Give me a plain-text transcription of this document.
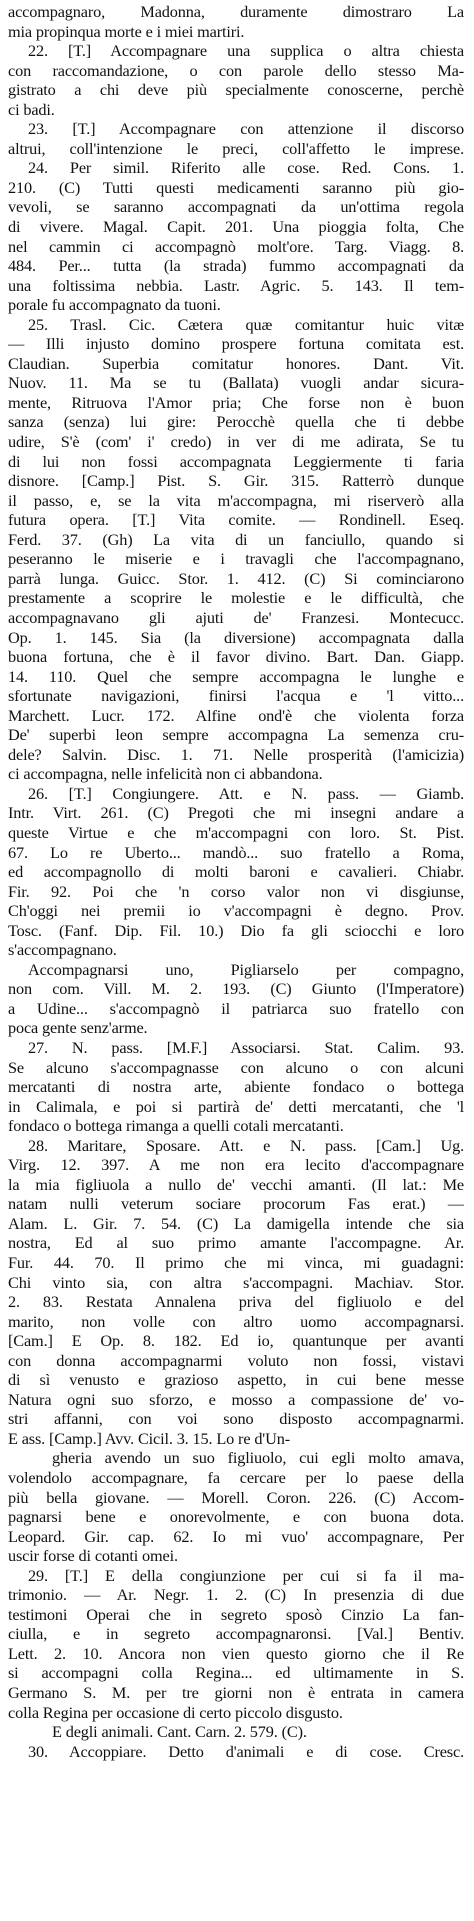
accompagnaro, Madonna, duramente dimostraro La

mia propinqua morte e i miei martiri.

22. [T.] Accompagnare una supplica o altra chiesta

con raccomandazione, o con parole dello stesso Ma-

gistrato a chi deve più specialmente conoscerne, perchè

ci badi.

23. [T.] Accompagnare con attenzione il discorso

altrui, coll'intenzione le preci, coll'affetto le imprese.

24. Per simil. Riferito alle cose. Red. Cons. 1.

210. (C) Tutti questi medicamenti saranno più gio-

vevoli, se saranno accompagnati da un'ottima regola

di vivere. Magal. Capit. 201. Una pioggia folta, Che

nel cammin ci accompagnò molt'ore. Targ. Viagg. 8.

484. Per... tutta (la strada) fummo accompagnati da

una foltissima nebbia. Lastr. Agric. 5. 143. Il tem-

porale fu accompagnato da tuoni.

25. Trasl. Cic. Cætera quæ comitantur huic vitæ

— Illi injusto domino prospere fortuna comitata est.

Claudian. Superbia comitatur honores. Dant. Vit.

Nuov. 11. Ma se tu (Ballata) vuogli andar sicura-

mente, Ritruova l'Amor pria; Che forse non è buon

sanza (senza) lui gire: Perocchè quella che ti debbe

udire, S'è (com' i' credo) in ver di me adirata, Se tu

di lui non fossi accompagnata Leggiermente ti faria

disnore. [Camp.] Pist. S. Gir. 315. Ratterrò dunque

il passo, e, se la vita m'accompagna, mi riserverò alla

futura opera. [T.] Vita comite. — Rondinell. Eseq.

Ferd. 37. (Gh) La vita di un fanciullo, quando si

peseranno le miserie e i travagli che l'accompagnano,

parrà lunga. Guicc. Stor. 1. 412. (C) Si cominciarono

prestamente a scoprire le molestie e le difficultà, che

accompagnavano gli ajuti de' Franzesi. Montecucc.

Op. 1. 145. Sia (la diversione) accompagnata dalla

buona fortuna, che è il favor divino. Bart. Dan. Giapp.

14. 110. Quel che sempre accompagna le lunghe e

sfortunate navigazioni, finirsi l'acqua e 'l vitto...

Marchett. Lucr. 172. Alfine ond'è che violenta forza

De' superbi leon sempre accompagna La semenza cru-

dele? Salvin. Disc. 1. 71. Nelle prosperità (l'amicizia)

ci accompagna, nelle infelicità non ci abbandona.

26. [T.] Congiungere. Att. e N. pass. — Giamb.

Intr. Virt. 261. (C) Pregoti che mi insegni andare a

queste Virtue e che m'accompagni con loro. St. Pist.

67. Lo re Uberto... mandò... suo fratello a Roma,

ed accompagnollo di molti baroni e cavalieri. Chiabr.

Fir. 92. Poi che 'n corso valor non vi disgiunse,

Ch'oggi nei premii io v'accompagni è degno. Prov.

Tosc. (Fanf. Dip. Fil. 10.) Dio fa gli sciocchi e loro

s'accompagnano.

Accompagnarsi uno, Pigliarselo per compagno,

non com. Vill. M. 2. 193. (C) Giunto (l'Imperatore)

a Udine... s'accompagnò il patriarca suo fratello con

poca gente senz'arme.

27. N. pass. [M.F.] Associarsi. Stat. Calim. 93.

Se alcuno s'accompagnasse con alcuno o con alcuni

mercatanti di nostra arte, abiente fondaco o bottega

in Calimala, e poi si partirà de' detti mercatanti, che 'l

fondaco o bottega rimanga a quelli cotali mercatanti.

28. Maritare, Sposare. Att. e N. pass. [Cam.] Ug.

Virg. 12. 397. A me non era lecito d'accompagnare

la mia figliuola a nullo de' vecchi amanti. (Il lat.: Me

natam nulli veterum sociare procorum Fas erat.) —

Alam. L. Gir. 7. 54. (C) La damigella intende che sia

nostra, Ed al suo primo amante l'accompagne. Ar.

Fur. 44. 70. Il primo che mi vinca, mi guadagni:

Chi vinto sia, con altra s'accompagni. Machiav. Stor.

2. 83. Restata Annalena priva del figliuolo e del

marito, non volle con altro uomo accompagnarsi.

[Cam.] E Op. 8. 182. Ed io, quantunque per avanti

con donna accompagnarmi voluto non fossi, vistavi

di sì venusto e grazioso aspetto, in cui bene messe

Natura ogni suo sforzo, e mosso a compassione de' vo-

stri affanni, con voi sono disposto accompagnarmi.

E ass. [Camp.] Avv. Cicil. 3. 15. Lo re d'Un-

gheria avendo un suo figliuolo, cui egli molto amava,

volendolo accompagnare, fa cercare per lo paese della

più bella giovane. — Morell. Coron. 226. (C) Accom-

pagnarsi bene e onorevolmente, e con buona dota.

Leopard. Gir. cap. 62. Io mi vuo' accompagnare, Per

uscir forse di cotanti omei.

29. [T.] E della congiunzione per cui si fa il ma-

trimonio. — Ar. Negr. 1. 2. (C) In presenzia di due

testimoni Operai che in segreto sposò Cinzio La fan-

ciulla, e in segreto accompagnaronsi. [Val.] Bentiv.

Lett. 2. 10. Ancora non vien questo giorno che il Re

si accompagni colla Regina... ed ultimamente in S.

Germano S. M. per tre giorni non è entrata in camera

colla Regina per occasione di certo piccolo disgusto.

E degli animali. Cant. Carn. 2. 579. (C).

30. Accoppiare. Detto d'animali e di cose. Cresc.
